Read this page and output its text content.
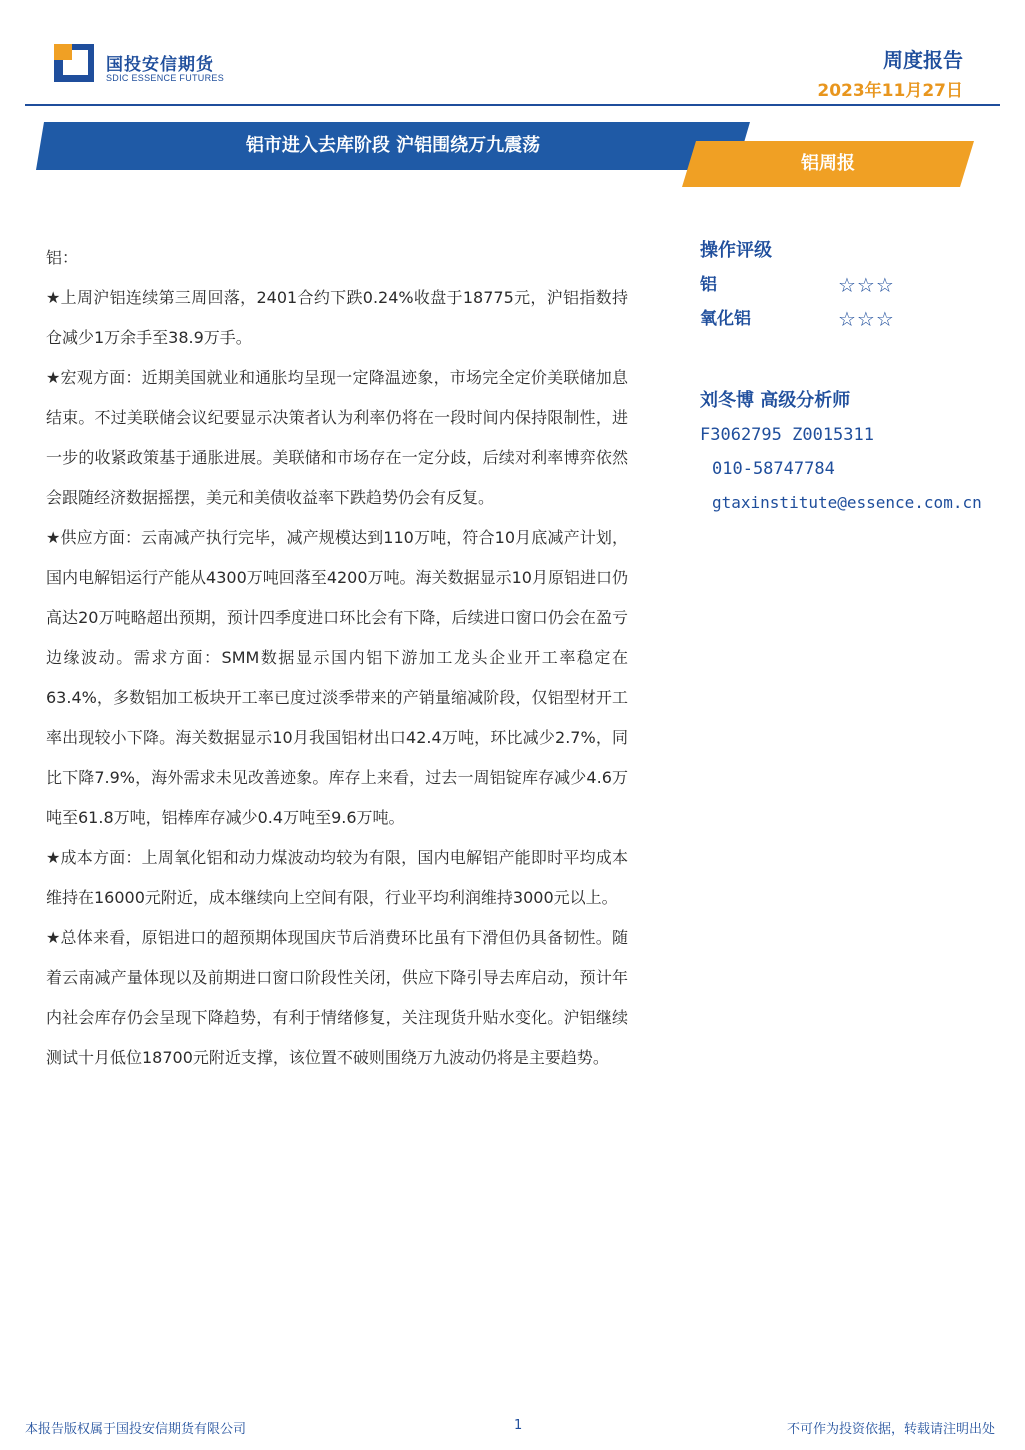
国投安信期货
SDIC ESSENCE FUTURES
周度报告
2023年11月27日
铝市进入去库阶段 沪铝围绕万九震荡
铝周报

铝：

★上周沪铝连续第三周回落，2401合约下跌0.24%收盘于18775元，沪铝指数持仓减少1万余手至38.9万手。

★宏观方面：近期美国就业和通胀均呈现一定降温迹象，市场完全定价美联储加息结束。不过美联储会议纪要显示决策者认为利率仍将在一段时间内保持限制性，进一步的收紧政策基于通胀进展。美联储和市场存在一定分歧，后续对利率博弈依然会跟随经济数据摇摆，美元和美债收益率下跌趋势仍会有反复。

★供应方面：云南减产执行完毕，减产规模达到110万吨，符合10月底减产计划，国内电解铝运行产能从4300万吨回落至4200万吨。海关数据显示10月原铝进口仍高达20万吨略超出预期，预计四季度进口环比会有下降，后续进口窗口仍会在盈亏边缘波动。需求方面：SMM数据显示国内铝下游加工龙头企业开工率稳定在63.4%，多数铝加工板块开工率已度过淡季带来的产销量缩减阶段，仅铝型材开工率出现较小下降。海关数据显示10月我国铝材出口42.4万吨，环比减少2.7%，同比下降7.9%，海外需求未见改善迹象。库存上来看，过去一周铝锭库存减少4.6万吨至61.8万吨，铝棒库存减少0.4万吨至9.6万吨。

★成本方面：上周氧化铝和动力煤波动均较为有限，国内电解铝产能即时平均成本维持在16000元附近，成本继续向上空间有限，行业平均利润维持3000元以上。

★总体来看，原铝进口的超预期体现国庆节后消费环比虽有下滑但仍具备韧性。随着云南减产量体现以及前期进口窗口阶段性关闭，供应下降引导去库启动，预计年内社会库存仍会呈现下降趋势，有利于情绪修复，关注现货升贴水变化。沪铝继续测试十月低位18700元附近支撑，该位置不破则围绕万九波动仍将是主要趋势。

操作评级
铝	☆☆☆
氧化铝	☆☆☆
刘冬博 高级分析师
F3062795 Z0015311
010-58747784
gtaxinstitute@essence.com.cn
本报告版权属于国投安信期货有限公司	1	不可作为投资依据，转载请注明出处
